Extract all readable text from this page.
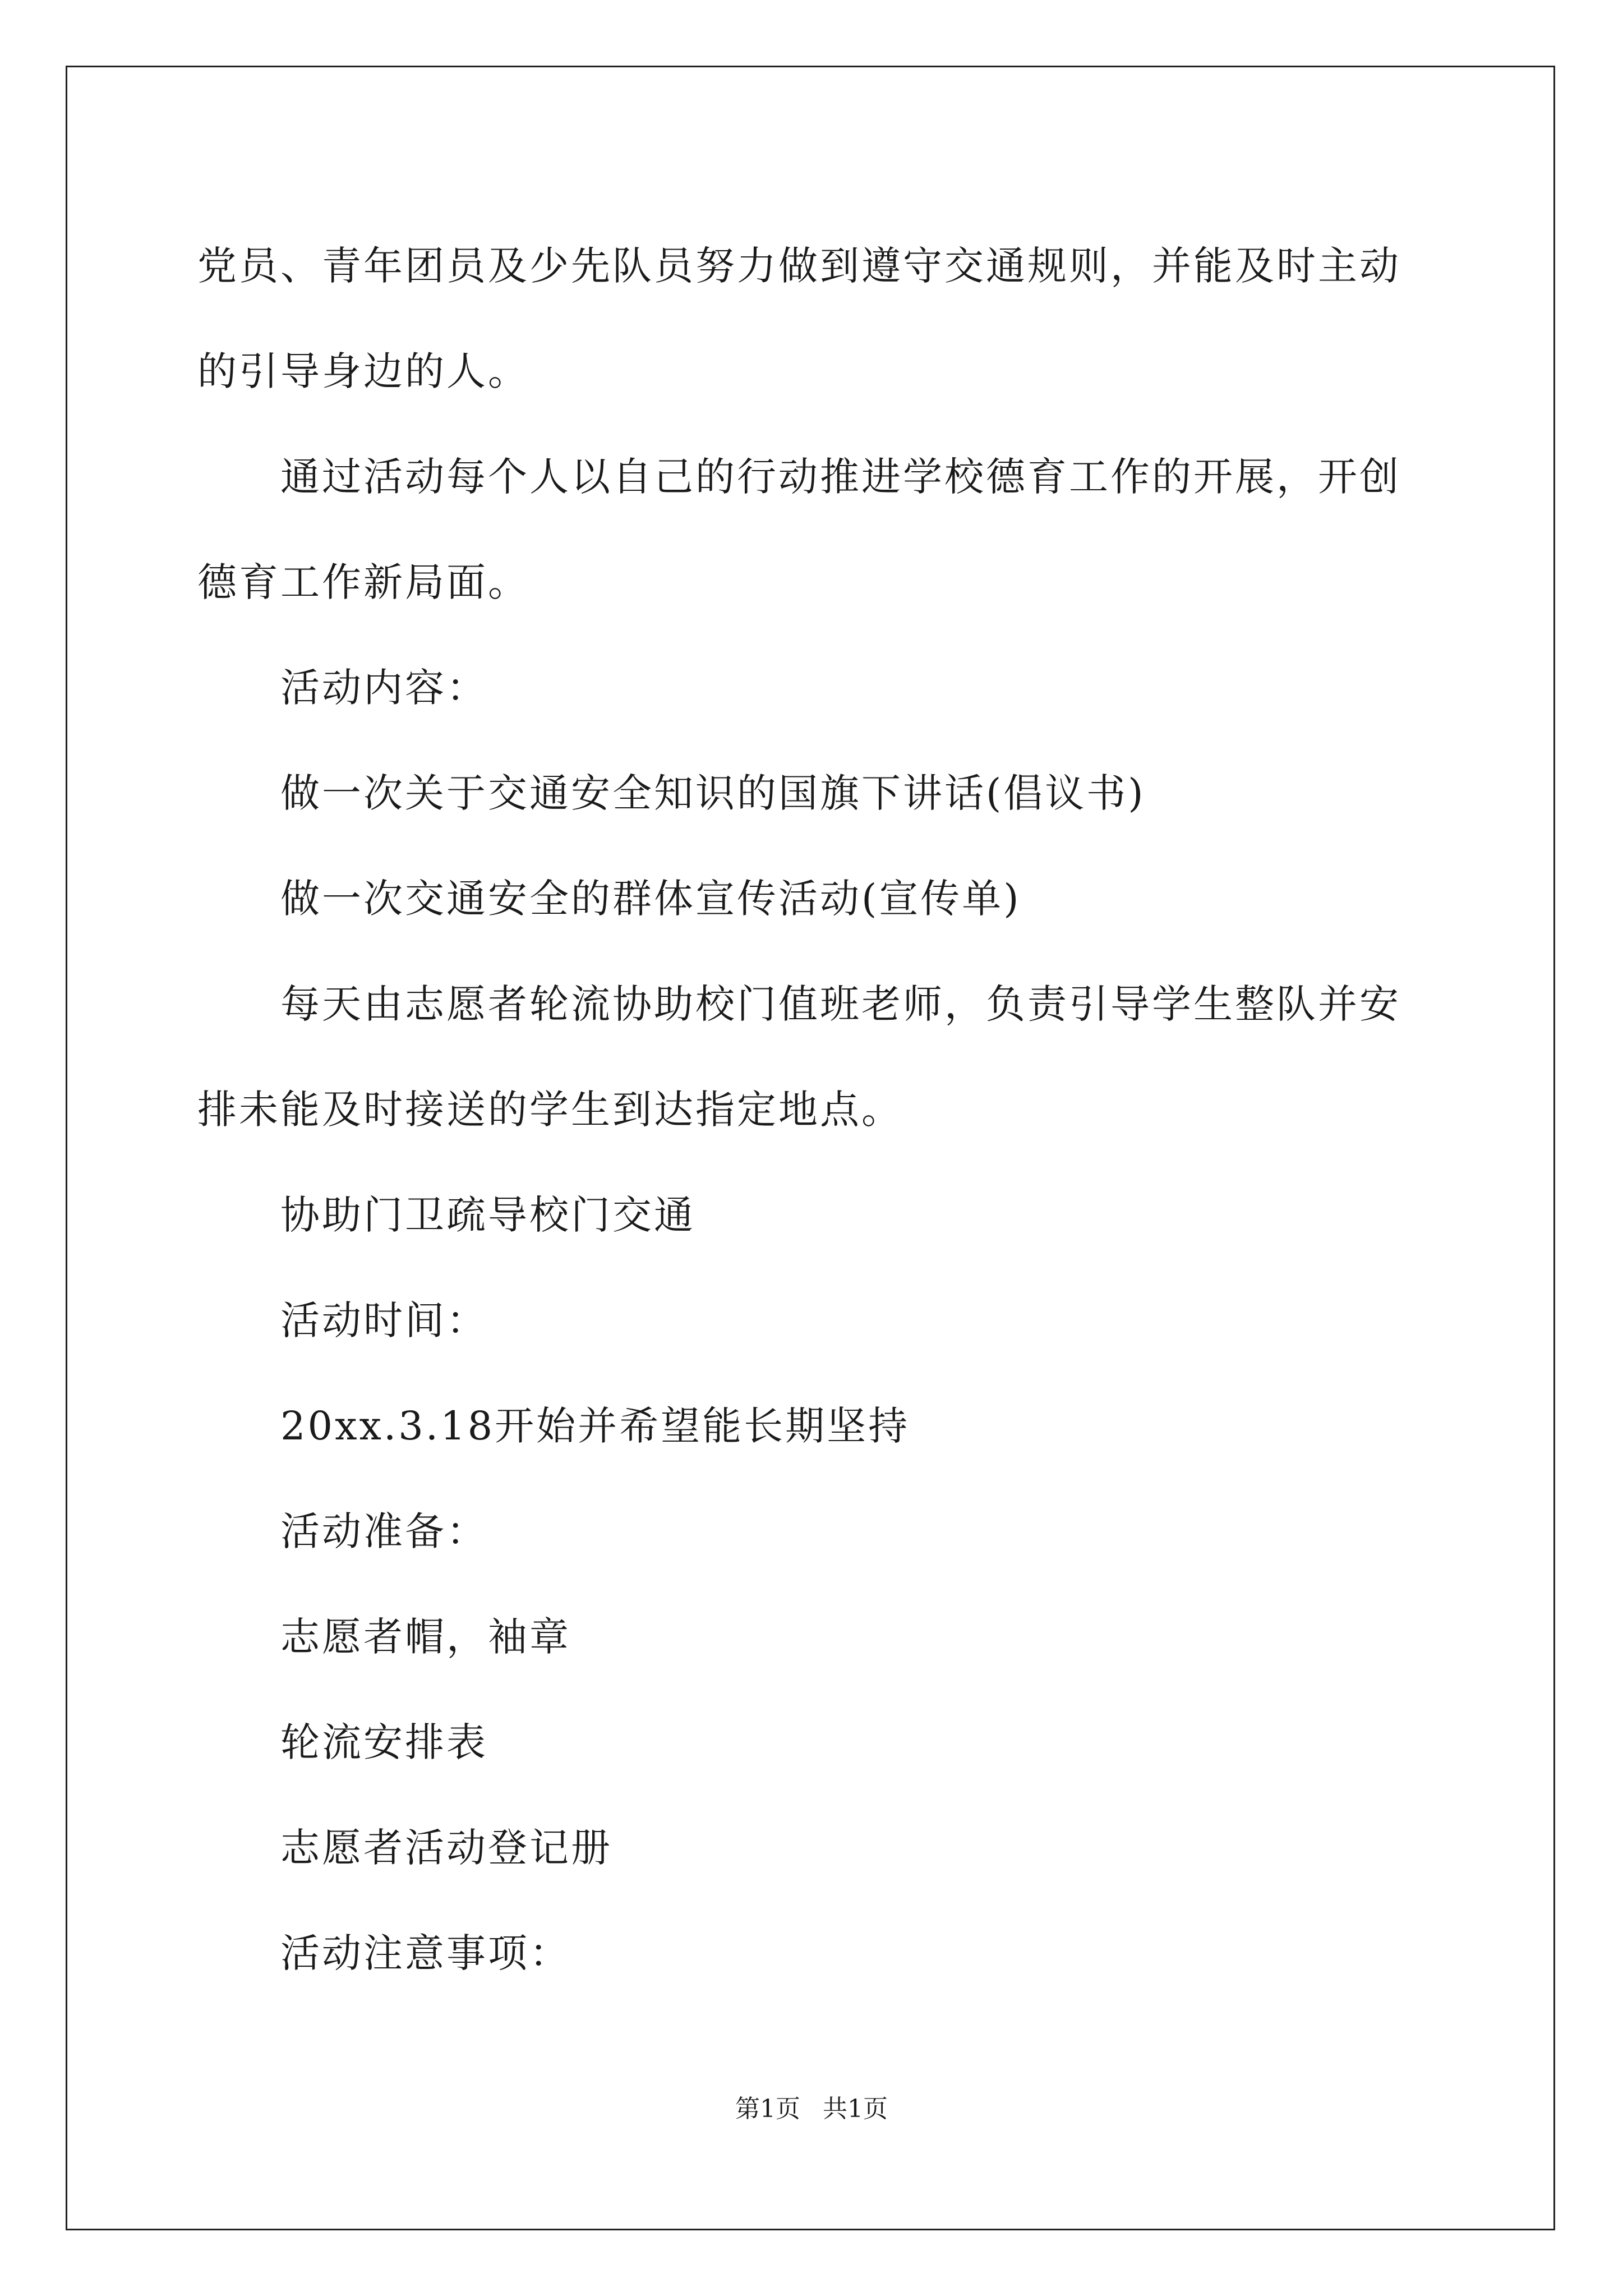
党员、青年团员及少先队员努力做到遵守交通规则，并能及时主动的引导身边的人。

通过活动每个人以自己的行动推进学校德育工作的开展，开创德育工作新局面。

活动内容：

做一次关于交通安全知识的国旗下讲话(倡议书)

做一次交通安全的群体宣传活动(宣传单)

每天由志愿者轮流协助校门值班老师，负责引导学生整队并安排未能及时接送的学生到达指定地点。

协助门卫疏导校门交通

活动时间：

20xx.3.18开始并希望能长期坚持

活动准备：

志愿者帽，袖章

轮流安排表

志愿者活动登记册

活动注意事项：

第1页 共1页
